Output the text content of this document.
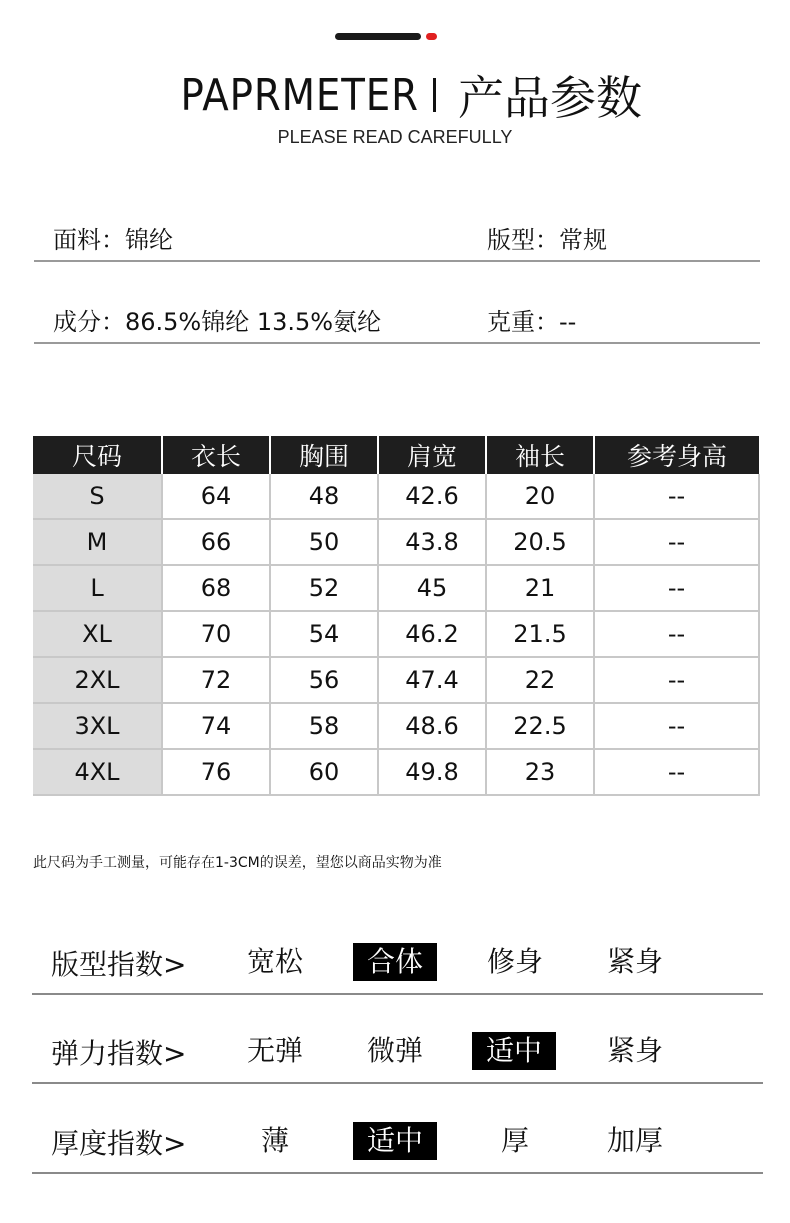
PAPRMETER 产品参数
PLEASE READ CAREFULLY
面料：锦纶	版型：常规
成分：86.5%锦纶 13.5%氨纶	克重：--
尺码	衣长	胸围	肩宽	袖长	参考身高
S	64	48	42.6	20	--
M	66	50	43.8	20.5	--
L	68	52	45	21	--
XL	70	54	46.2	21.5	--
2XL	72	56	47.4	22	--
3XL	74	58	48.6	22.5	--
4XL	76	60	49.8	23	--
此尺码为手工测量，可能存在1-3CM的误差，望您以商品实物为准
版型指数>	宽松	合体	修身	紧身
弹力指数>	无弹	微弹	适中	紧身
厚度指数>	薄	适中	厚	加厚
